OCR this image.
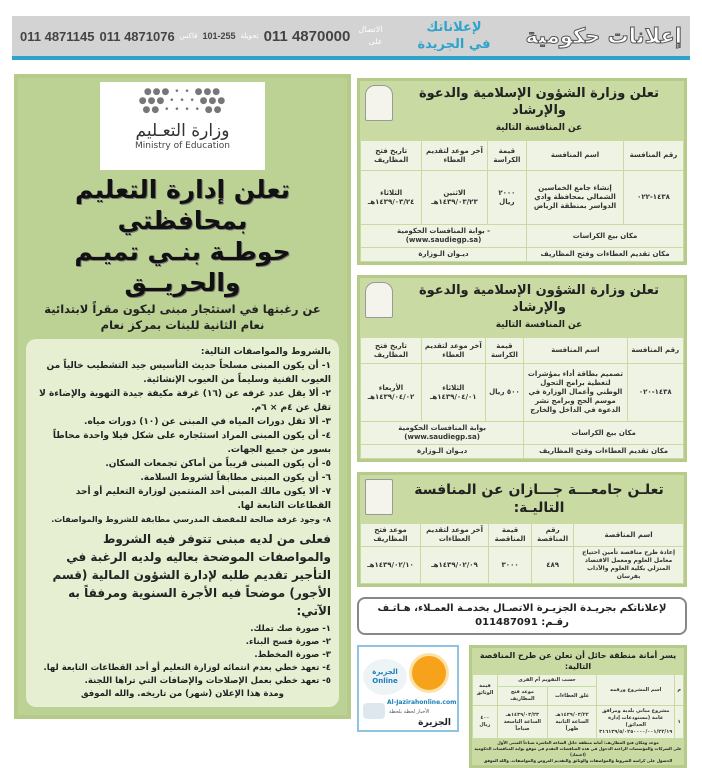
011 4871145 011 4871076 فاكس 101-255 تحويلة 011 4870000 الاتصال
على
لإعلاناتك
في الجريدة	إعلانات حكومية
تعلن وزارة الشؤون الإسلامية والدعوة والإرشاد
عن المنافسة التالية
رقم المنافسة	اسم المنافسة	قيمة الكراسة	آخر موعد لتقديم العطاء	تاريخ فتح المظاريف
١٤٣٨-٠٢٢	إنشاء جامع الخماسين الشمالي بمحافظة وادي الدواسر بمنطقة الرياض	٢٠٠٠ ريال	الاثنين ١٤٣٩/٠٣/٢٣هـ	الثلاثاء ١٤٣٩/٠٣/٢٤هـ
مكان بيع الكراسات		- بوابة المنافسات الحكومية (www.saudiegp.sa)		
مكان تقديم العطاءات وفتح المظاريف		ديـوان الـوزارة		
تعلن وزارة الشؤون الإسلامية والدعوة والإرشاد
عن المنافسة التالية
رقم المنافسة	اسم المنافسة	قيمة الكراسة	آخر موعد لتقديم العطاء	تاريخ فتح المظاريف
١٤٣٨-٠٢٠	تصميم بطاقة أداء بمؤشرات لتغطية برامج التحول الوطني وأعمال الوزارة في موسم الحج وبرامج نشر الدعوة في الداخل والخارج	٥٠٠ ريال	الثلاثاء ١٤٣٩/٠٤/٠١هـ	الأربعاء ١٤٣٩/٠٤/٠٢هـ
مكان بيع الكراسات		بوابة المنافسات الحكومية (www.saudiegp.sa)		
مكان تقديم العطاءات وفتح المظاريف		ديـوان الـوزارة		
تعلـن جامعـــة جـــازان عن المنافسة التاليـة:
اسم المناقصة	رقم المناقصة	قيمة المناقصة	آخر موعد لتقديم العطاءات	موعد فتح المظاريف
إعادة طرح مناقصة تأمين احتياج معامل العلوم ومعمل الاقتصاد المنزلي بكلية العلوم والآداب بفرسان	٤٨٩	٣٠٠٠	١٤٣٩/٠٢/٠٩هـ	١٤٣٩/٠٢/١٠هـ
لإعلاناتكم بجريـدة الجزيـرة الاتصـال بخدمـة العمـلاء، هـاتـف رقـم: 011487091
الجزيرة Online
Al-Jazirahonline.com
الأخبار لحظة بلحظة
الجزيرة
يسر أمانة منطقة حائل أن تعلن عن طرح المناقصة التالية:
م	اسم المشروع ورقمه	حسب التقويم أم القرى		قيمة الوثائق
		غلق العطاءات	موعد فتح المظاريف	
١	مشروع مباني بلدية ومرافق عامة (مستودعات إدارة الحدائق) ٣١٦١٣٩/٥/٠٢٥٠٠٠٠/٠٠١/٢٢/١٩	١٤٣٩/٠٣/٢٢هـ الساعة الثانية ظهراً	١٤٣٩/٠٣/٢٣هـ الساعة التاسعة صباحاً	٤٠٠ ريال
موعد ومكان فتح المظاريف: أمانة منطقة حائل الساعة العاشرة صباحاً المبنى الأول
على الشركات والمؤسسات الراغبة الدخول في هذه المناقصات التقدم في موقع بوابة المنافسات الحكومية (اعتماد)
الحصول على كراسة الشروط والمواصفات والوثائق والتقديم العروض والمواصفات. والله الموفق
●●● • • ●●●
●●● • • • ●●●
●● • • • • ●●
وزارة التعـليم
Ministry of Education
تعلن إدارة التعليم بمحافظتي
حوطـة بنـي تميـم والحريــق
عن رغبتها في استئجار مبنى ليكون مقراً لابتدائية
نعام الثانية للبنات بمركز نعام
بالشروط والمواصفات التالية:
١- أن يكون المبنى مسلحاً حديث التأسيس جيد التشطيب خالياً من العيوب الفنية وسليماً من العيوب الإنشائية.
٢- ألا يقل عدد غرفه عن (١٦) غرفة مكيفة جيدة التهوية والإضاءة لا تقل عن ٤م × ٦م.
٣- ألا تقل دورات المياه في المبنى عن (١٠) دورات مياه.
٤- أن يكون المبنى المراد استئجاره على شكل فيلا واحدة محاطاً بسور من جميع الجهات.
٥- أن يكون المبنى قريباً من أماكن تجمعات السكان.
٦- أن يكون المبنى مطابقاً لشروط السلامة.
٧- ألا يكون مالك المبنى أحد المنتمين لوزارة التعليم أو أحد القطاعات التابعة لها.
٨- وجود غرفة صالحة للمقصف المدرسي مطابقة للشروط والمواصفات.
فعلى من لديه مبنى تتوفر فيه الشروط والمواصفات الموضحة بعاليه ولديه الرغبة في التأجير تقديم طلبه لإدارة الشؤون المالية (قسم الأجور) موضحاً فيه الأجرة السنوية ومرفقاً به الآتي:
١- صورة صك تملك.
٢- صورة فسح البناء.
٣- صورة المخطط.
٤- تعهد خطي بعدم انتمائه لوزارة التعليم أو أحد القطاعات التابعة لها.
٥- تعهد خطي بعمل الإصلاحات والإضافات التي تراها اللجنة.
ومدة هذا الإعلان (شهر) من تاريخه. والله الموفق
